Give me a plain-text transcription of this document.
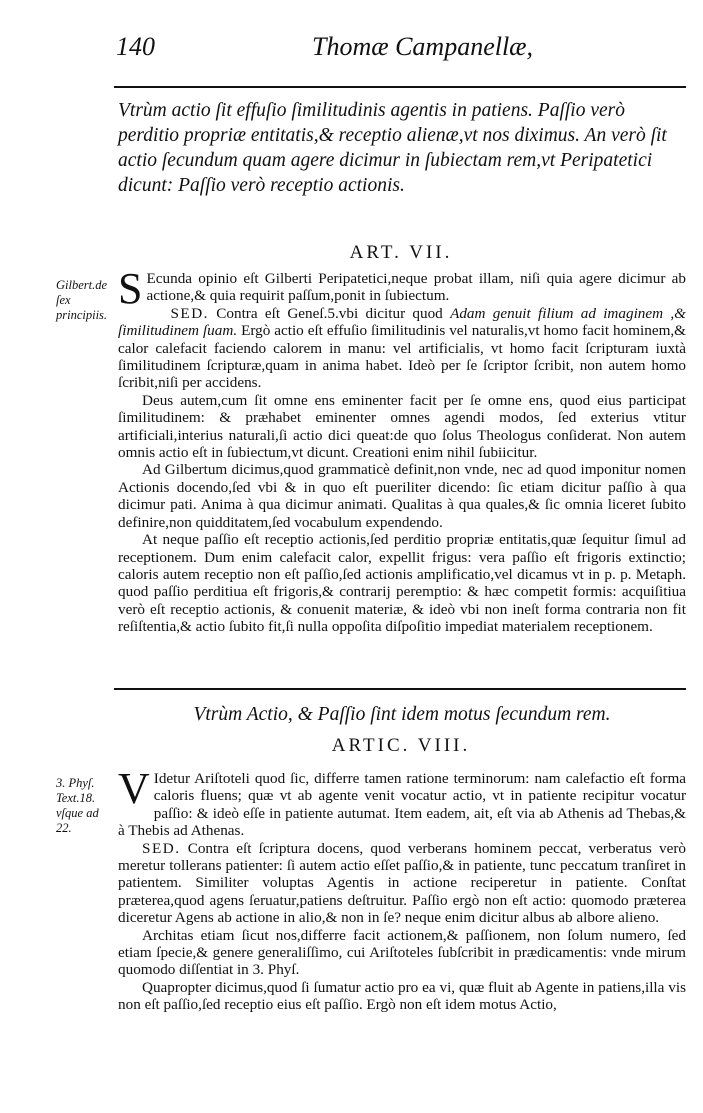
140	Thomæ Campanellæ,
Vtrùm actio ſit effuſio ſimilitudinis agentis in patiens. Paſſio verò perditio propriæ entitatis,& receptio alienæ,vt nos diximus. An verò ſit actio ſecundum quam agere dicimur in ſubiectam rem,vt Peripatetici dicunt: Paſſio verò receptio actionis.
ART. VII.
Gilbert.de ſex principiis.

S Ecunda opinio eſt Gilberti Peripatetici,neque probat illam, niſi quia agere dicimur ab actione,& quia requirit paſſum,ponit in ſubiectum.

SED. Contra eſt Geneſ.5.vbi dicitur quod Adam genuit filium ad imaginem ,& ſimilitudinem ſuam. Ergò actio eſt effuſio ſimilitudinis vel naturalis,vt homo facit hominem,& calor calefacit faciendo calorem in manu: vel artificialis, vt homo facit ſcripturam iuxtà ſimilitudinem ſcripturæ,quam in anima habet. Ideò per ſe ſcriptor ſcribit, non autem homo ſcribit,niſi per accidens.

Deus autem,cum ſit omne ens eminenter facit per ſe omne ens, quod eius participat ſimilitudinem: & præhabet eminenter omnes agendi modos, ſed exterius vtitur artificiali,interius naturali,ſi actio dici queat:de quo ſolus Theologus conſiderat. Non autem omnis actio eſt in ſubiectum,vt dicunt. Creationi enim nihil ſubiicitur.

Ad Gilbertum dicimus,quod grammaticè definit,non vnde, nec ad quod imponitur nomen Actionis docendo,ſed vbi & in quo eſt pueriliter dicendo: ſic etiam dicitur paſſio à qua dicimur pati. Anima à qua dicimur animati. Qualitas à qua quales,& ſic omnia liceret ſubito definire,non quidditatem,ſed vocabulum expendendo.

At neque paſſio eſt receptio actionis,ſed perditio propriæ entitatis,quæ ſequitur ſimul ad receptionem. Dum enim calefacit calor, expellit frigus: vera paſſio eſt frigoris extinctio; caloris autem receptio non eſt paſſio,ſed actionis amplificatio,vel dicamus vt in p. p. Metaph. quod paſſio perditiua eſt frigoris,& contrarij peremptio: & hæc competit formis: acquiſitiua verò eſt receptio actionis, & conuenit materiæ, & ideò vbi non ineſt forma contraria non fit reſiſtentia,& actio ſubito fit,ſi nulla oppoſita diſpoſitio impediat materialem receptionem.

Vtrùm Actio, & Paſſio ſint idem motus ſecundum rem.
ARTIC. VIII.
3. Phyſ. Text.18. vſque ad 22.

V Idetur Ariſtoteli quod ſic, differre tamen ratione terminorum: nam calefactio eſt forma caloris fluens; quæ vt ab agente venit vocatur actio, vt in patiente recipitur vocatur paſſio: & ideò eſſe in patiente autumat. Item eadem, ait, eſt via ab Athenis ad Thebas,& à Thebis ad Athenas.

SED. Contra eſt ſcriptura docens, quod verberans hominem peccat, verberatus verò meretur tollerans patienter: ſi autem actio eſſet paſſio,& in patiente, tunc peccatum tranſiret in patientem. Similiter voluptas Agentis in actione reciperetur in patiente. Conſtat præterea,quod agens ſeruatur,patiens deſtruitur. Paſſio ergò non eſt actio: quomodo præterea diceretur Agens ab actione in alio,& non in ſe? neque enim dicitur albus ab albore alieno.

Architas etiam ſicut nos,differre facit actionem,& paſſionem, non ſolum numero, ſed etiam ſpecie,& genere generaliſſimo, cui Ariſtoteles ſubſcribit in prædicamentis: vnde mirum quomodo diſſentiat in 3. Phyſ.

Quapropter dicimus,quod ſi ſumatur actio pro ea vi, quæ fluit ab Agente in patiens,illa vis non eſt paſſio,ſed receptio eius eſt paſſio. Ergò non eſt idem motus Actio,
